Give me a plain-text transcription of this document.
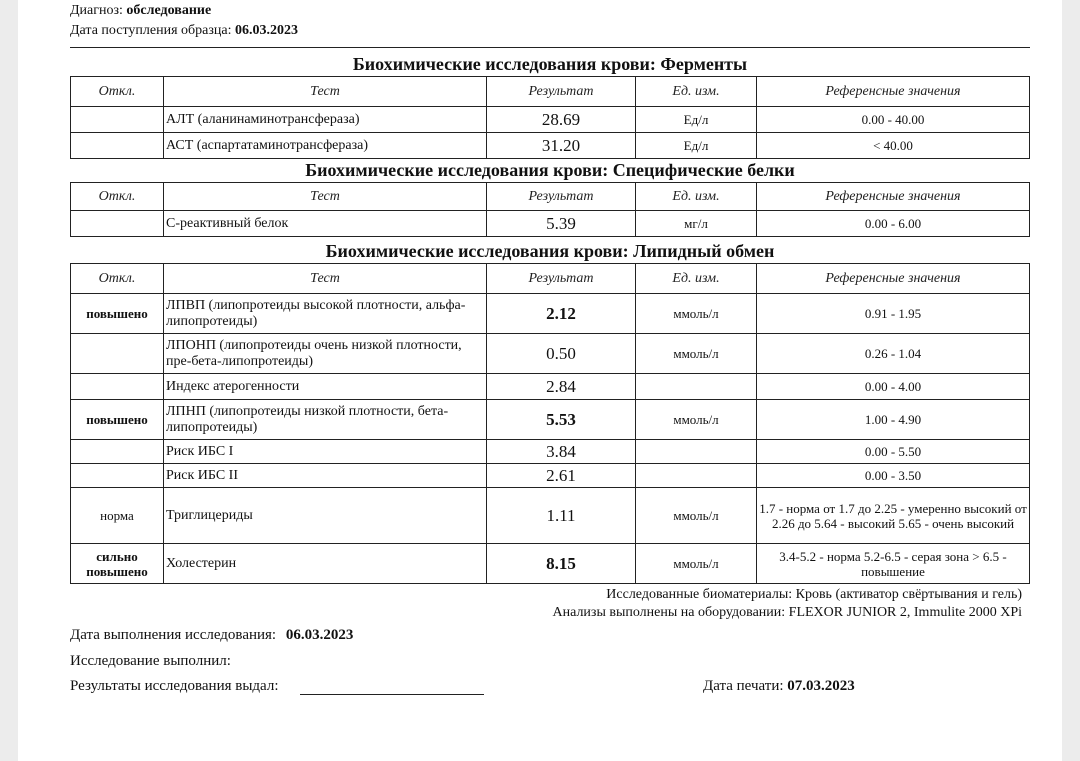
Диагноз: обследование
Дата поступления образца: 06.03.2023
Биохимические исследования крови: Ферменты
Откл.	Тест	Результат	Ед. изм.	Референсные значения
	АЛТ (аланинаминотрансфераза)	28.69	Ед/л	0.00 - 40.00
	АСТ (аспартатаминотрансфераза)	31.20	Ед/л	< 40.00
Биохимические исследования крови: Специфические белки
Откл.	Тест	Результат	Ед. изм.	Референсные значения
	С-реактивный белок	5.39	мг/л	0.00 - 6.00
Биохимические исследования крови: Липидный обмен
Откл.	Тест	Результат	Ед. изм.	Референсные значения
повышено	ЛПВП (липопротеиды высокой плотности, альфа-липопротеиды)	2.12	ммоль/л	0.91 - 1.95
	ЛПОНП (липопротеиды очень низкой плотности, пре-бета-липопротеиды)	0.50	ммоль/л	0.26 - 1.04
	Индекс атерогенности	2.84		0.00 - 4.00
повышено	ЛПНП (липопротеиды низкой плотности, бета-липопротеиды)	5.53	ммоль/л	1.00 - 4.90
	Риск ИБС I	3.84		0.00 - 5.50
	Риск ИБС II	2.61		0.00 - 3.50
норма	Триглицериды	1.11	ммоль/л	1.7 - норма от 1.7 до 2.25 - умеренно высокий от 2.26 до 5.64 - высокий 5.65 - очень высокий
сильно повышено	Холестерин	8.15	ммоль/л	3.4-5.2 - норма 5.2-6.5 - серая зона > 6.5 - повышение
Исследованные биоматериалы: Кровь (активатор свёртывания и гель)
Анализы выполнены на оборудовании: FLEXOR JUNIOR 2, Immulite 2000 XPi
Дата выполнения исследования: 06.03.2023
Исследование выполнил:
Результаты исследования выдал:	Дата печати: 07.03.2023
